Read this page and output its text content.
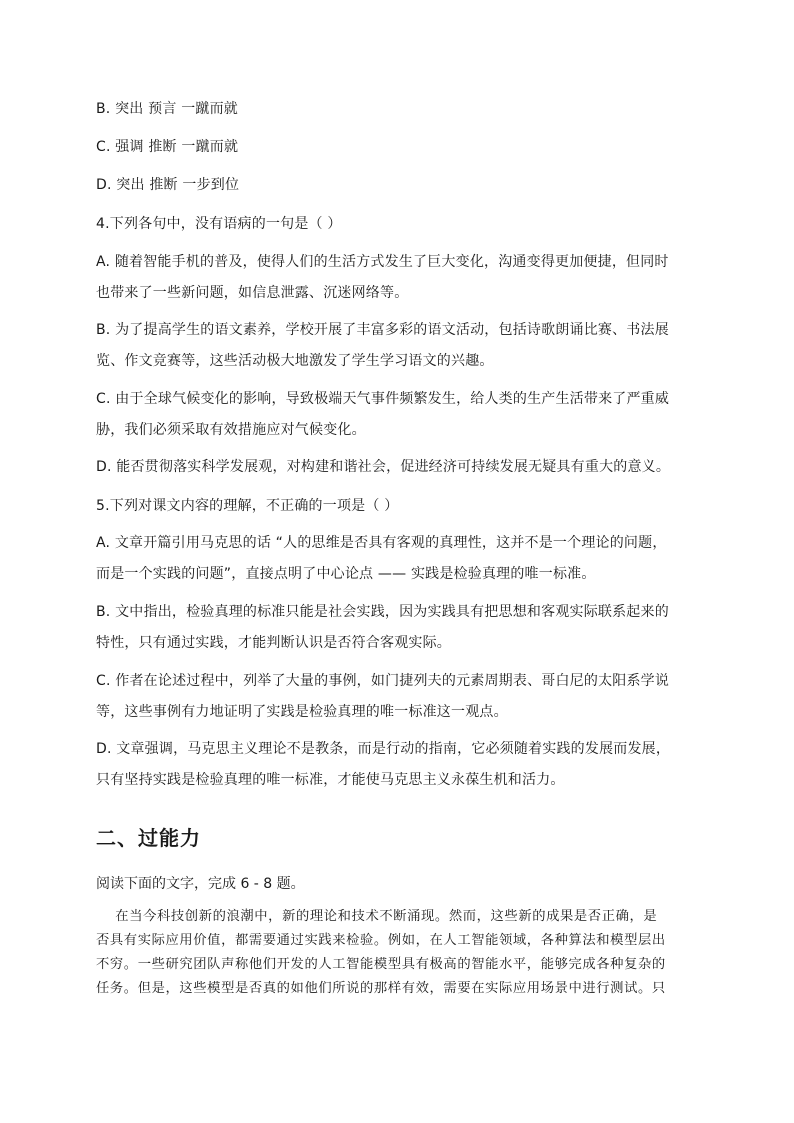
B. 突出 预言 一蹴而就
C. 强调 推断 一蹴而就
D. 突出 推断 一步到位
4.下列各句中，没有语病的一句是（ ）
A. 随着智能手机的普及，使得人们的生活方式发生了巨大变化，沟通变得更加便捷，但同时
也带来了一些新问题，如信息泄露、沉迷网络等。
B. 为了提高学生的语文素养，学校开展了丰富多彩的语文活动，包括诗歌朗诵比赛、书法展
览、作文竞赛等，这些活动极大地激发了学生学习语文的兴趣。
C. 由于全球气候变化的影响，导致极端天气事件频繁发生，给人类的生产生活带来了严重威
胁，我们必须采取有效措施应对气候变化。
D. 能否贯彻落实科学发展观，对构建和谐社会，促进经济可持续发展无疑具有重大的意义。
5.下列对课文内容的理解，不正确的一项是（ ）
A. 文章开篇引用马克思的话 “人的思维是否具有客观的真理性，这并不是一个理论的问题，
而是一个实践的问题”，直接点明了中心论点 —— 实践是检验真理的唯一标准。
B. 文中指出，检验真理的标准只能是社会实践，因为实践具有把思想和客观实际联系起来的
特性，只有通过实践，才能判断认识是否符合客观实际。
C. 作者在论述过程中，列举了大量的事例，如门捷列夫的元素周期表、哥白尼的太阳系学说
等，这些事例有力地证明了实践是检验真理的唯一标准这一观点。
D. 文章强调，马克思主义理论不是教条，而是行动的指南，它必须随着实践的发展而发展，
只有坚持实践是检验真理的唯一标准，才能使马克思主义永葆生机和活力。
二、过能力
阅读下面的文字，完成 6 - 8 题。
在当今科技创新的浪潮中，新的理论和技术不断涌现。然而，这些新的成果是否正确，是
否具有实际应用价值，都需要通过实践来检验。例如，在人工智能领域，各种算法和模型层出
不穷。一些研究团队声称他们开发的人工智能模型具有极高的智能水平，能够完成各种复杂的
任务。但是，这些模型是否真的如他们所说的那样有效，需要在实际应用场景中进行测试。只
